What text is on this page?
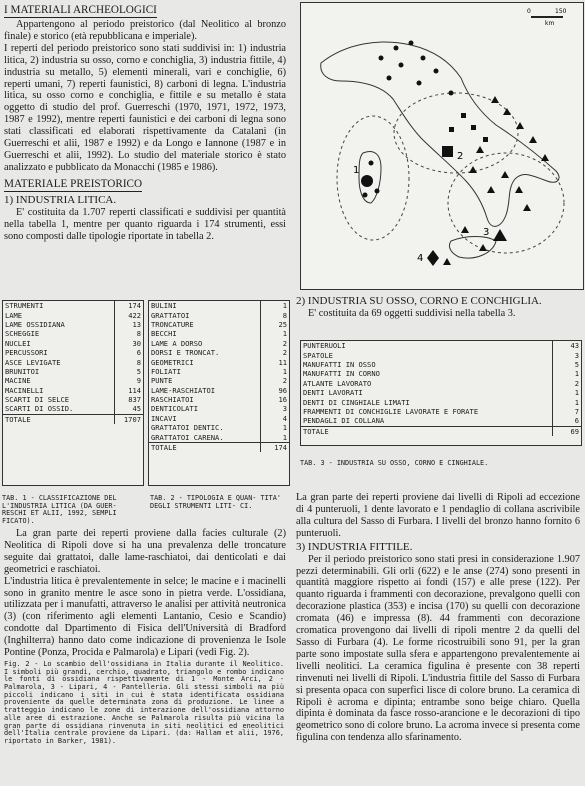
I MATERIALI ARCHEOLOGICI
Appartengono al periodo preistorico (dal Neolitico al bronzo finale) e storico (età repubblicana e imperiale).
I reperti del periodo preistorico sono stati suddivisi in: 1) industria litica, 2) industria su osso, corno e conchiglia, 3) industria fittile, 4) industria su metallo, 5) elementi minerali, vari e conchiglie, 6) reperti umani, 7) reperti faunistici, 8) carboni di legna. L'industria litica, su osso corno e conchiglia, e fittile e su metallo è stata oggetto di studio del prof. Guerreschi (1970, 1971, 1972, 1973, 1987 e 1992), mentre reperti faunistici e dei carboni di legna sono stati classificati ed elaborati rispettivamente da Catalani (in Guerreschi et alii, 1987 e 1992) e da Longo e Iannone (1987 e in Guerreschi et alii, 1992). Lo studio del materiale storico è stato analizzato e pubblicato da Monacchi (1985 e 1986).
MATERIALE PREISTORICO
1) INDUSTRIA LITICA.
E' costituita da 1.707 reperti classificati e suddivisi per quantità nella tabella 1, mentre per quanto riguarda i 174 strumenti, essi sono composti dalle tipologie riportate in tabella 2.
STRUMENTI	174
LAME	422
LAME OSSIDIANA	13
SCHEGGIE	8
NUCLEI	30
PERCUSSORI	6
ASCE LEVIGATE	8
BRUNITOI	5
MACINE	9
MACINELLI	114
SCARTI DI SELCE	837
SCARTI DI OSSID.	45
TOTALE	1707
BULINI	1
GRATTATOI	8
TRONCATURE	25
BECCHI	1
LAME A DORSO	2
DORSI E TRONCAT.	2
GEOMETRICI	11
FOLIATI	1
PUNTE	2
LAME-RASCHIATOI	96
RASCHIATOI	16
DENTICOLATI	3
INCAVI	4
GRATTATOI DENTIC.	1
GRATTATOI CARENA.	1
TOTALE	174
TAB. 1 - CLASSIFICAZIONE DEL L'INDUSTRIA LITICA (DA GUER- RESCHI ET ALII, 1992, SEMPLI FICATO).
TAB. 2 - TIPOLOGIA E QUAN- TITA' DEGLI STRUMENTI LITI- CI.
La gran parte dei reperti proviene dalla facies culturale (2) Neolitica di Ripoli dove si ha una prevalenza delle troncature seguite dai grattatoi, dalle lame-raschiatoi, dai denticolati e dai geometrici e raschiatoi.
L'industria litica è prevalentemente in selce; le macine e i macinelli sono in granito mentre le asce sono in pietra verde. L'ossidiana, utilizzata per i manufatti, attraverso le analisi per attività neutronica (3) (con riferimento agli elementi Lantanio, Cesio e Scandio) condotte dal Dpartimento di Fisica dell'Università di Bradford (Inghilterra) hanno dato come indicazione di provenienza le Isole Pontine (Ponza, Procida e Palmarola) e Lipari (vedi Fig. 2).
Fig. 2 - Lo scambio dell'ossidiana in Italia durante il Neolitico. I simboli più grandi, cerchio, quadrato, triangolo e rombo indicano le fonti di ossidiana rispettivamente di 1 - Monte Arci, 2 - Palmarola, 3 - Lipari, 4 - Pantelleria. Gli stessi simboli ma più piccoli indicano i siti in cui è stata identificata ossidiana proveniente da quelle determinata zona di produzione. Le linee a tratteggio indicano le zone di interazione dell'ossidiana attorno alle aree di estrazione. Anche se Palmarola risulta più vicina la gran parte di ossidiana rinvenuta in siti neolitici ed eneolitici dell'Italia centrale proviene da Lipari. (da: Hallam et alii, 1976, riportato in Barker, 1981).
0	150
km
1
2
3
4
2) INDUSTRIA SU OSSO, CORNO E CONCHIGLIA.
E' costituita da 69 oggetti suddivisi nella tabella 3.
PUNTERUOLI	43
SPATOLE	3
MANUFATTI IN OSSO	5
MANUFATTI IN CORNO	1
ATLANTE LAVORATO	2
DENTI LAVORATI	1
DENTI DI CINGHIALE LIMATI	1
FRAMMENTI DI CONCHIGLIE LAVORATE E FORATE	7
PENDAGLI DI COLLANA	6
TOTALE	69
TAB. 3 - INDUSTRIA SU OSSO, CORNO E CINGHIALE.
La gran parte dei reperti proviene dai livelli di Ripoli ad eccezione di 4 punteruoli, 1 dente lavorato e 1 pendaglio di collana ascrivibile alla cultura del Sasso di Furbara. I livelli del bronzo hanno fornito 6 punteruoli.
3) INDUSTRIA FITTILE.
Per il periodo preistorico sono stati presi in considerazione 1.907 pezzi determinabili. Gli orli (622) e le anse (274) sono presenti in quantità maggiore rispetto ai fondi (157) e alle prese (122). Per quanto riguarda i frammenti con decorazione, prevalgono quelli con decorazione plastica (353) e incisa (170) su quelli con decorazione cromata (46) e impressa (8). 44 frammenti con decorazione cromatica provengono dai livelli di ripoli mentre 2 da quelli del Sasso di Furbara (4). Le forme ricostruibili sono 91, per la gran parte sono impostate sulla sfera e appartengono prevalentemente ai livelli neolitici. La ceramica figulina è presente con 38 reperti rinvenuti nei livelli di Ripoli. L'industria fittile del Sasso di Furbara si presenta opaca con superfici lisce di colore bruno. La ceramica di Ripoli è acroma e dipinta; entrambe sono beige chiaro. Quella dipinta è dominata da fasce rosso-arancione e le decorazioni di tipo geometrico sono di colore bruno. La acroma invece si presenta come figulina con tendenza allo sfarinamento.
